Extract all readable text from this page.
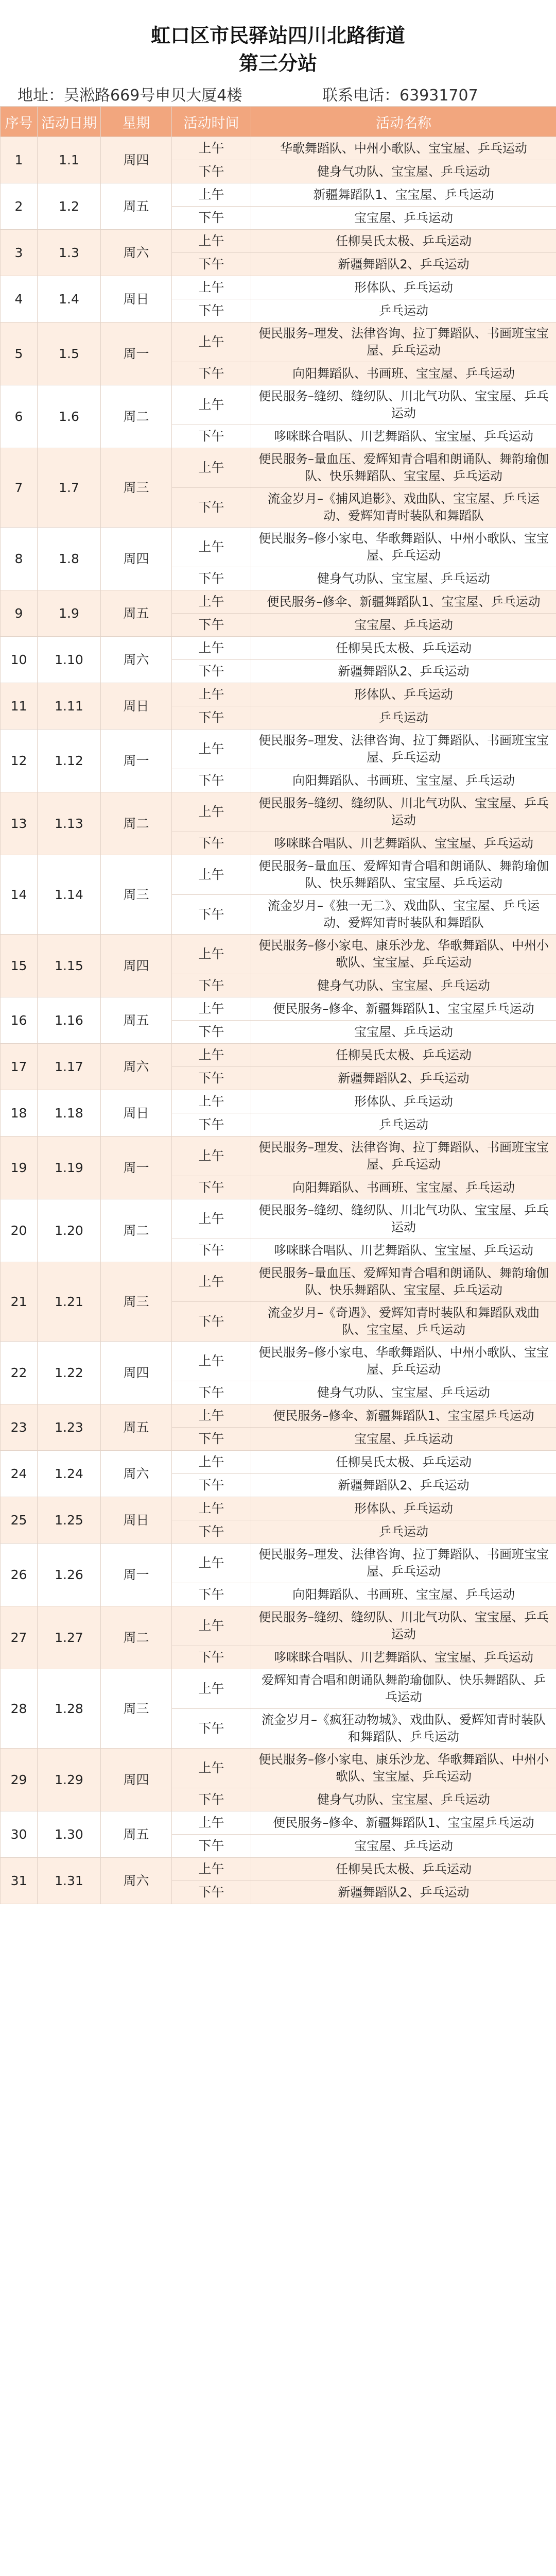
虹口区市民驿站四川北路街道
第三分站
地址：吴淞路669号申贝大厦4楼	联系电话：63931707
序号	活动日期	星期	活动时间	活动名称
1	1.1	周四	上午	华歌舞蹈队、中州小歌队、宝宝屋、乒乓运动
			下午	健身气功队、宝宝屋、乒乓运动
2	1.2	周五	上午	新疆舞蹈队1、宝宝屋、乒乓运动
			下午	宝宝屋、乒乓运动
3	1.3	周六	上午	任柳吴氏太极、乒乓运动
			下午	新疆舞蹈队2、乒乓运动
4	1.4	周日	上午	形体队、乒乓运动
			下午	乒乓运动
5	1.5	周一	上午	便民服务–理发、法律咨询、拉丁舞蹈队、书画班宝宝屋、乒乓运动
			下午	向阳舞蹈队、书画班、宝宝屋、乒乓运动
6	1.6	周二	上午	便民服务–缝纫、缝纫队、川北气功队、宝宝屋、乒乓运动
			下午	哆咪眯合唱队、川艺舞蹈队、宝宝屋、乒乓运动
7	1.7	周三	上午	便民服务–量血压、爱辉知青合唱和朗诵队、舞韵瑜伽队、快乐舞蹈队、宝宝屋、乒乓运动
			下午	流金岁月–《捕风追影》、戏曲队、宝宝屋、乒乓运动、爱辉知青时装队和舞蹈队
8	1.8	周四	上午	便民服务–修小家电、华歌舞蹈队、中州小歌队、宝宝屋、乒乓运动
			下午	健身气功队、宝宝屋、乒乓运动
9	1.9	周五	上午	便民服务–修伞、新疆舞蹈队1、宝宝屋、乒乓运动
			下午	宝宝屋、乒乓运动
10	1.10	周六	上午	任柳吴氏太极、乒乓运动
			下午	新疆舞蹈队2、乒乓运动
11	1.11	周日	上午	形体队、乒乓运动
			下午	乒乓运动
12	1.12	周一	上午	便民服务–理发、法律咨询、拉丁舞蹈队、书画班宝宝屋、乒乓运动
			下午	向阳舞蹈队、书画班、宝宝屋、乒乓运动
13	1.13	周二	上午	便民服务–缝纫、缝纫队、川北气功队、宝宝屋、乒乓运动
			下午	哆咪眯合唱队、川艺舞蹈队、宝宝屋、乒乓运动
14	1.14	周三	上午	便民服务–量血压、爱辉知青合唱和朗诵队、舞韵瑜伽队、快乐舞蹈队、宝宝屋、乒乓运动
			下午	流金岁月–《独一无二》、戏曲队、宝宝屋、乒乓运动、爱辉知青时装队和舞蹈队
15	1.15	周四	上午	便民服务–修小家电、康乐沙龙、华歌舞蹈队、中州小歌队、宝宝屋、乒乓运动
			下午	健身气功队、宝宝屋、乒乓运动
16	1.16	周五	上午	便民服务–修伞、新疆舞蹈队1、宝宝屋乒乓运动
			下午	宝宝屋、乒乓运动
17	1.17	周六	上午	任柳吴氏太极、乒乓运动
			下午	新疆舞蹈队2、乒乓运动
18	1.18	周日	上午	形体队、乒乓运动
			下午	乒乓运动
19	1.19	周一	上午	便民服务–理发、法律咨询、拉丁舞蹈队、书画班宝宝屋、乒乓运动
			下午	向阳舞蹈队、书画班、宝宝屋、乒乓运动
20	1.20	周二	上午	便民服务–缝纫、缝纫队、川北气功队、宝宝屋、乒乓运动
			下午	哆咪眯合唱队、川艺舞蹈队、宝宝屋、乒乓运动
21	1.21	周三	上午	便民服务–量血压、爱辉知青合唱和朗诵队、舞韵瑜伽队、快乐舞蹈队、宝宝屋、乒乓运动
			下午	流金岁月–《奇遇》、爱辉知青时装队和舞蹈队戏曲队、宝宝屋、乒乓运动
22	1.22	周四	上午	便民服务–修小家电、华歌舞蹈队、中州小歌队、宝宝屋、乒乓运动
			下午	健身气功队、宝宝屋、乒乓运动
23	1.23	周五	上午	便民服务–修伞、新疆舞蹈队1、宝宝屋乒乓运动
			下午	宝宝屋、乒乓运动
24	1.24	周六	上午	任柳吴氏太极、乒乓运动
			下午	新疆舞蹈队2、乒乓运动
25	1.25	周日	上午	形体队、乒乓运动
			下午	乒乓运动
26	1.26	周一	上午	便民服务–理发、法律咨询、拉丁舞蹈队、书画班宝宝屋、乒乓运动
			下午	向阳舞蹈队、书画班、宝宝屋、乒乓运动
27	1.27	周二	上午	便民服务–缝纫、缝纫队、川北气功队、宝宝屋、乒乓运动
			下午	哆咪眯合唱队、川艺舞蹈队、宝宝屋、乒乓运动
28	1.28	周三	上午	爱辉知青合唱和朗诵队舞韵瑜伽队、快乐舞蹈队、乒乓运动
			下午	流金岁月–《疯狂动物城》、戏曲队、爱辉知青时装队和舞蹈队、乒乓运动
29	1.29	周四	上午	便民服务–修小家电、康乐沙龙、华歌舞蹈队、中州小歌队、宝宝屋、乒乓运动
			下午	健身气功队、宝宝屋、乒乓运动
30	1.30	周五	上午	便民服务–修伞、新疆舞蹈队1、宝宝屋乒乓运动
			下午	宝宝屋、乒乓运动
31	1.31	周六	上午	任柳吴氏太极、乒乓运动
			下午	新疆舞蹈队2、乒乓运动
